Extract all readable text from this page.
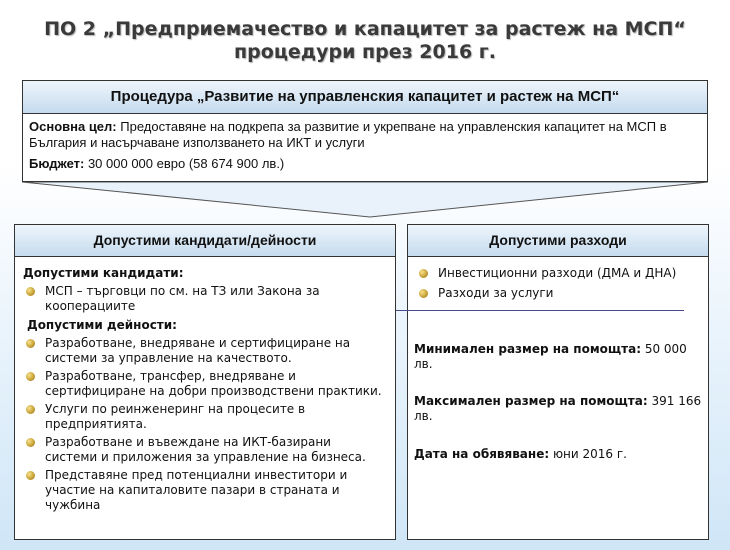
ПО 2 „Предприемачество и капацитет за растеж на МСП“
процедури през 2016 г.
Процедура „Развитие на управленския капацитет и растеж на МСП“
Основна цел: Предоставяне на подкрепа за развитие и укрепване на управленския капацитет на МСП в България и насърчаване използването на ИКТ и услуги
Бюджет: 30 000 000 евро (58 674 900 лв.)
Допустими кандидати/дейности
Допустими кандидати:
МСП – търговци по см. на ТЗ или Закона за кооперациите
Допустими дейности:
Разработване, внедряване и сертифициране на системи за управление на качеството.
Разработване, трансфер, внедряване и сертифициране на добри производствени практики.
Услуги по реинженеринг на процесите в предприятията.
Разработване и въвеждане на ИКТ-базирани системи и приложения за управление на бизнеса.
Представяне пред потенциални инвеститори и участие на капиталовите пазари в страната и чужбина
Допустими разходи
Инвестиционни разходи (ДМА и ДНА)
Разходи за услуги
Минимален размер на помощта: 50 000 лв.
Максимален размер на помощта: 391 166 лв.
Дата на обявяване: юни 2016 г.
